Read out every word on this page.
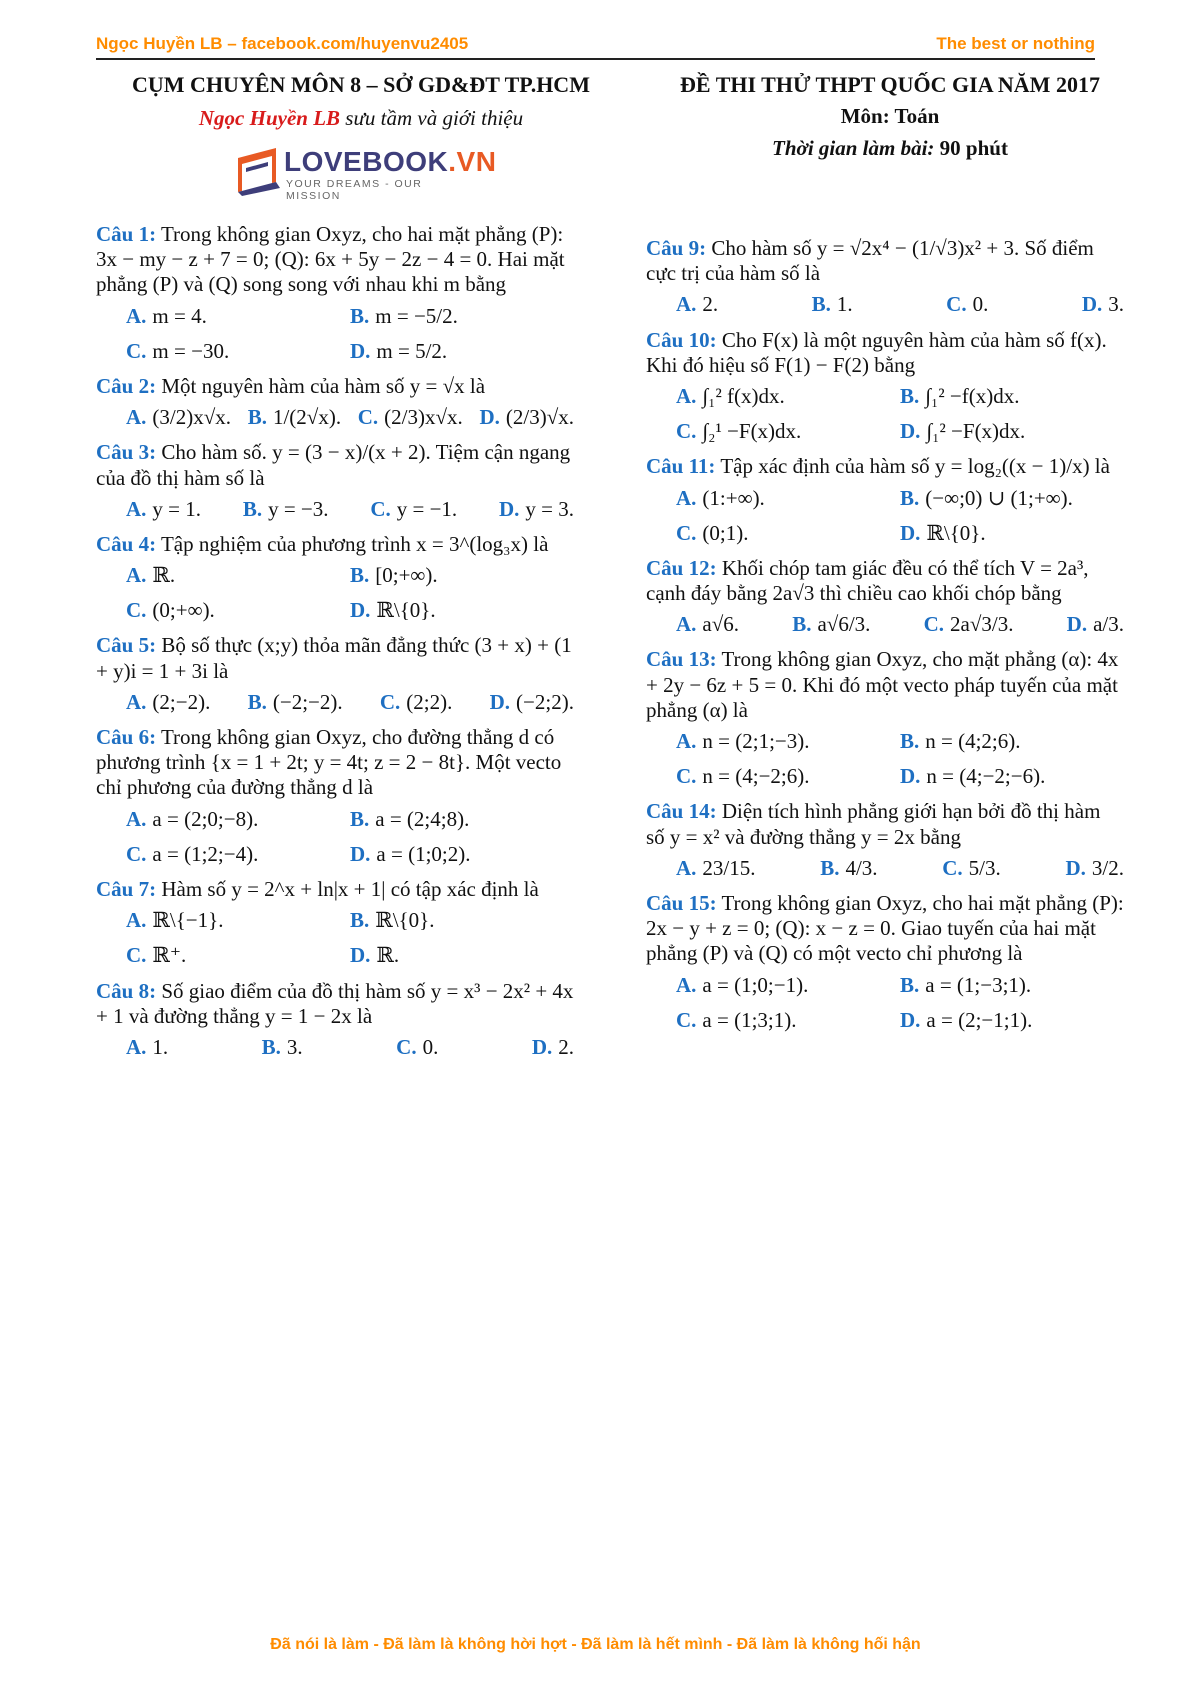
Ngọc Huyền LB – facebook.com/huyenvu2405	The best or nothing
CỤM CHUYÊN MÔN 8 – SỞ GD&ĐT TP.HCM
Ngọc Huyền LB sưu tầm và giới thiệu
LOVEBOOK.VN
YOUR DREAMS - OUR MISSION
ĐỀ THI THỬ THPT QUỐC GIA NĂM 2017
Môn: Toán
Thời gian làm bài: 90 phút

Câu 1: Trong không gian Oxyz, cho hai mặt phẳng (P): 3x − my − z + 7 = 0; (Q): 6x + 5y − 2z − 4 = 0. Hai mặt phẳng (P) và (Q) song song với nhau khi m bằng

A. m = 4.	B. m = −5/2.
C. m = −30.	D. m = 5/2.

Câu 2: Một nguyên hàm của hàm số y = √x là

A. (3/2)x√x. B. 1/(2√x). C. (2/3)x√x. D. (2/3)√x.

Câu 3: Cho hàm số. y = (3 − x)/(x + 2). Tiệm cận ngang của đồ thị hàm số là

A. y = 1. B. y = −3. C. y = −1. D. y = 3.

Câu 4: Tập nghiệm của phương trình x = 3^(log₃x) là

A. ℝ.	B. [0;+∞).
C. (0;+∞).	D. ℝ\{0}.

Câu 5: Bộ số thực (x;y) thỏa mãn đẳng thức (3 + x) + (1 + y)i = 1 + 3i là

A. (2;−2). B. (−2;−2). C. (2;2). D. (−2;2).

Câu 6: Trong không gian Oxyz, cho đường thẳng d có phương trình {x = 1 + 2t; y = 4t; z = 2 − 8t}. Một vecto chỉ phương của đường thẳng d là

A. a = (2;0;−8).	B. a = (2;4;8).
C. a = (1;2;−4).	D. a = (1;0;2).

Câu 7: Hàm số y = 2^x + ln|x + 1| có tập xác định là

A. ℝ\{−1}.	B. ℝ\{0}.
C. ℝ⁺.	D. ℝ.

Câu 8: Số giao điểm của đồ thị hàm số y = x³ − 2x² + 4x + 1 và đường thẳng y = 1 − 2x là

A. 1.	B. 3.	C. 0.	D. 2.

Câu 9: Cho hàm số y = √2x⁴ − (1/√3)x² + 3. Số điểm cực trị của hàm số là

A. 2.	B. 1.	C. 0.	D. 3.

Câu 10: Cho F(x) là một nguyên hàm của hàm số f(x). Khi đó hiệu số F(1) − F(2) bằng

A. ∫₁² f(x)dx.	B. ∫₁² −f(x)dx.
C. ∫₂¹ −F(x)dx.	D. ∫₁² −F(x)dx.

Câu 11: Tập xác định của hàm số y = log₂((x − 1)/x) là

A. (1:+∞).	B. (−∞;0) ∪ (1;+∞).
C. (0;1).	D. ℝ\{0}.

Câu 12: Khối chóp tam giác đều có thể tích V = 2a³, cạnh đáy bằng 2a√3 thì chiều cao khối chóp bằng

A. a√6.	B. a√6/3.	C. 2a√3/3.	D. a/3.

Câu 13: Trong không gian Oxyz, cho mặt phẳng (α): 4x + 2y − 6z + 5 = 0. Khi đó một vecto pháp tuyến của mặt phẳng (α) là

A. n = (2;1;−3).	B. n = (4;2;6).
C. n = (4;−2;6).	D. n = (4;−2;−6).

Câu 14: Diện tích hình phẳng giới hạn bởi đồ thị hàm số y = x² và đường thẳng y = 2x bằng

A. 23/15.	B. 4/3.	C. 5/3.	D. 3/2.

Câu 15: Trong không gian Oxyz, cho hai mặt phẳng (P): 2x − y + z = 0; (Q): x − z = 0. Giao tuyến của hai mặt phẳng (P) và (Q) có một vecto chỉ phương là

A. a = (1;0;−1).	B. a = (1;−3;1).
C. a = (1;3;1).	D. a = (2;−1;1).
Đã nói là làm - Đã làm là không hời hợt - Đã làm là hết mình - Đã làm là không hối hận
